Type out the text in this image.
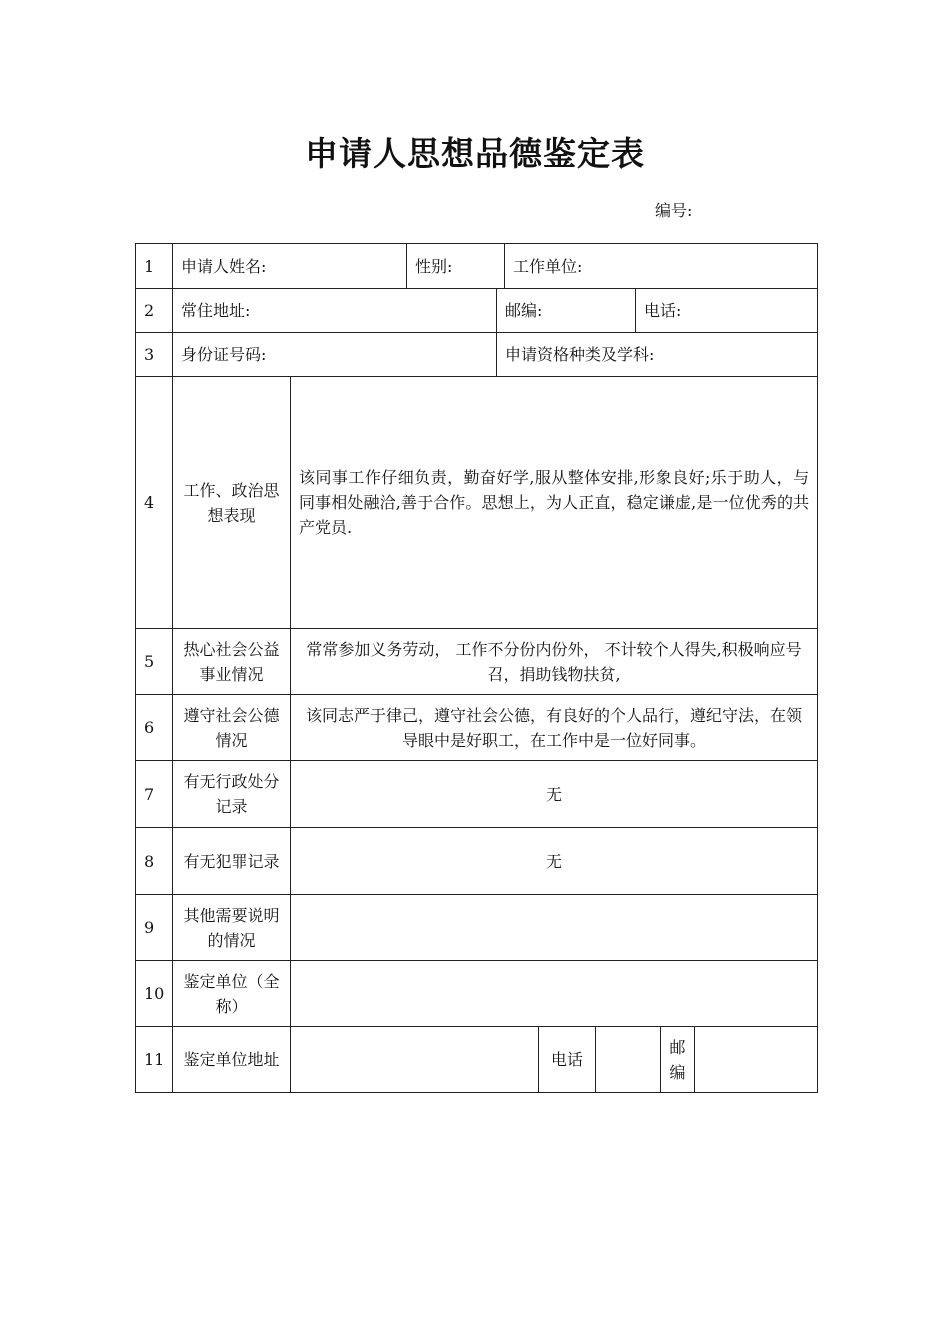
申请人思想品德鉴定表
编号:
1	申请人姓名:		性别:		工作单位:					
2	常住地址:			邮编:				电话:		
3	身份证号码:			申请资格种类及学科:						
4	工作、政治思想表现	该同事工作仔细负责，勤奋好学,服从整体安排,形象良好;乐于助人，与同事相处融洽,善于合作。思想上，为人正直，稳定谦虚,是一位优秀的共产党员.								
5	热心社会公益事业情况	常常参加义务劳动， 工作不分份内份外， 不计较个人得失,积极响应号召，捐助钱物扶贫,								
6	遵守社会公德情况	该同志严于律己，遵守社会公德，有良好的个人品行，遵纪守法，在领导眼中是好职工，在工作中是一位好同事。								
7	有无行政处分记录	无								
8	有无犯罪记录	无								
9	其他需要说明的情况									
10	鉴定单位（全称）									
11	鉴定单位地址					电话			邮编	
